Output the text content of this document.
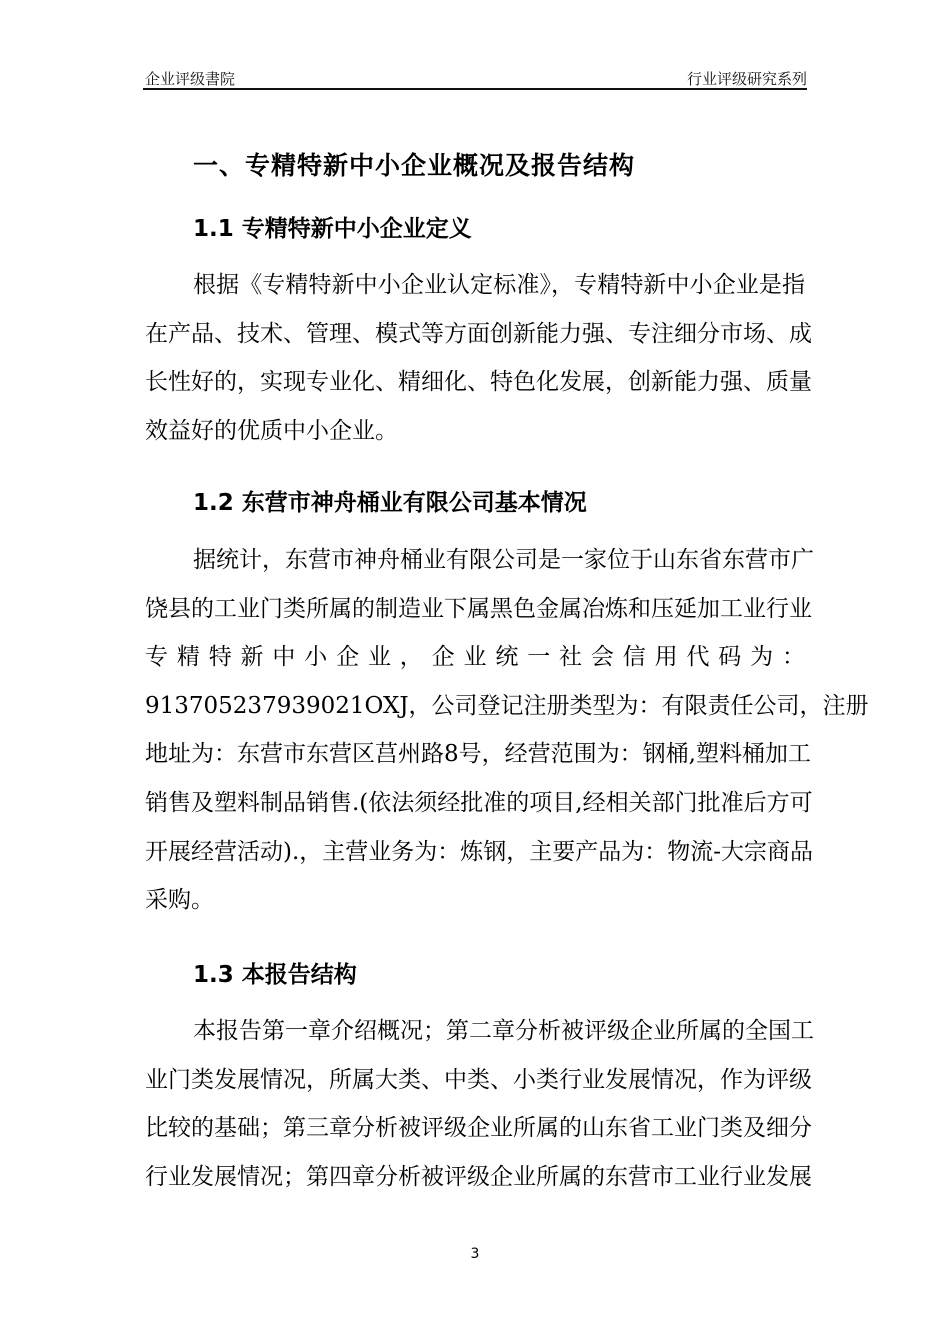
企业评级書院	行业评级研究系列
一、专精特新中小企业概况及报告结构
1.1 专精特新中小企业定义
根据《专精特新中小企业认定标准》，专精特新中小企业是指
在产品、技术、管理、模式等方面创新能力强、专注细分市场、成
长性好的，实现专业化、精细化、特色化发展，创新能力强、质量
效益好的优质中小企业。
1.2 东营市神舟桶业有限公司基本情况
据统计，东营市神舟桶业有限公司是一家位于山东省东营市广
饶县的工业门类所属的制造业下属黑色金属冶炼和压延加工业行业
专精特新中小企业，企业统一社会信用代码为：
913705237939021OXJ，公司登记注册类型为：有限责任公司，注册
地址为：东营市东营区莒州路8号，经营范围为：钢桶,塑料桶加工
销售及塑料制品销售.(依法须经批准的项目,经相关部门批准后方可
开展经营活动).，主营业务为：炼钢，主要产品为：物流-大宗商品
采购。
1.3 本报告结构
本报告第一章介绍概况；第二章分析被评级企业所属的全国工
业门类发展情况，所属大类、中类、小类行业发展情况，作为评级
比较的基础；第三章分析被评级企业所属的山东省工业门类及细分
行业发展情况；第四章分析被评级企业所属的东营市工业行业发展
3
